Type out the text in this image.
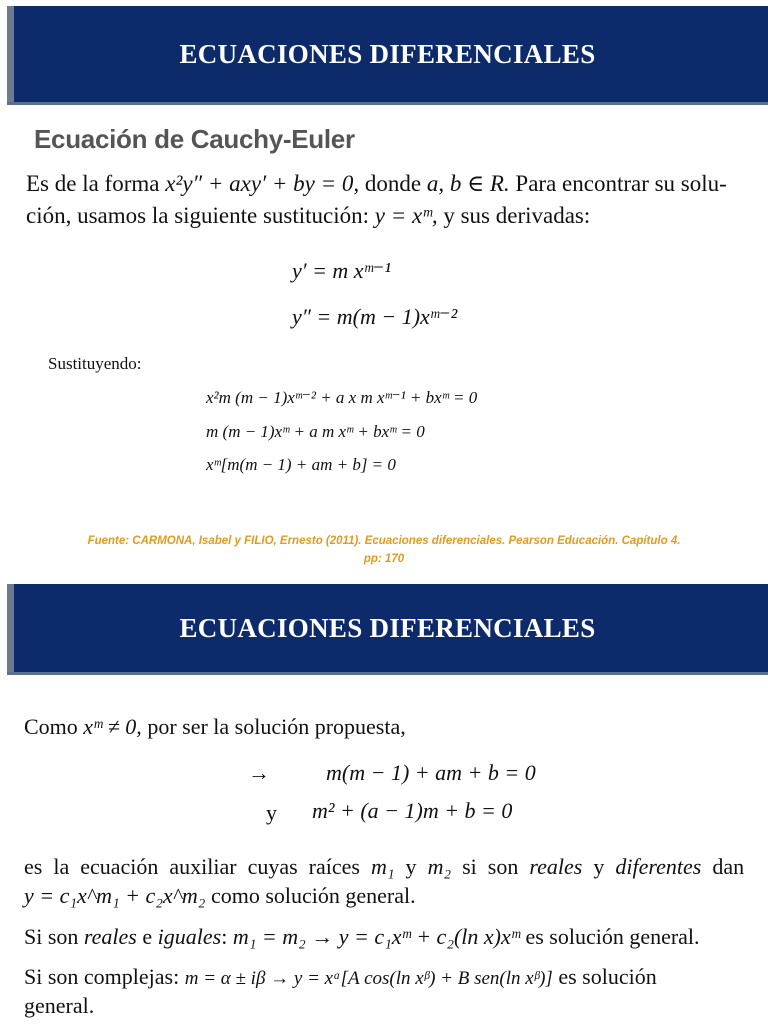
ECUACIONES DIFERENCIALES
Ecuación de Cauchy-Euler
Es de la forma x²y″ + axy′ + by = 0, donde a, b ∈ R. Para encontrar su solu-
ción, usamos la siguiente sustitución: y = xᵐ, y sus derivadas:
y′ = m xᵐ⁻¹
y″ = m(m − 1)xᵐ⁻²
Sustituyendo:
x²m (m − 1)xᵐ⁻² + a x m xᵐ⁻¹ + bxᵐ = 0
m (m − 1)xᵐ + a m xᵐ + bxᵐ = 0
xᵐ[m(m − 1) + am + b] = 0
Fuente: CARMONA, Isabel y FILIO, Ernesto (2011). Ecuaciones diferenciales. Pearson Educación. Capítulo 4.
pp: 170
ECUACIONES DIFERENCIALES
Como xᵐ ≠ 0, por ser la solución propuesta,
→	m(m − 1) + am + b = 0
y m² + (a − 1)m + b = 0
es la ecuación auxiliar cuyas raíces m₁ y m₂ si son reales y diferentes dan
y = c₁x^m₁ + c₂x^m₂ como solución general.
Si son reales e iguales: m₁ = m₂ → y = c₁xᵐ + c₂(ln x)xᵐ es solución general.
Si son complejas: m = α ± iβ → y = xᵃ[A cos(ln xᵝ) + B sen(ln xᵝ)] es solución
general.
